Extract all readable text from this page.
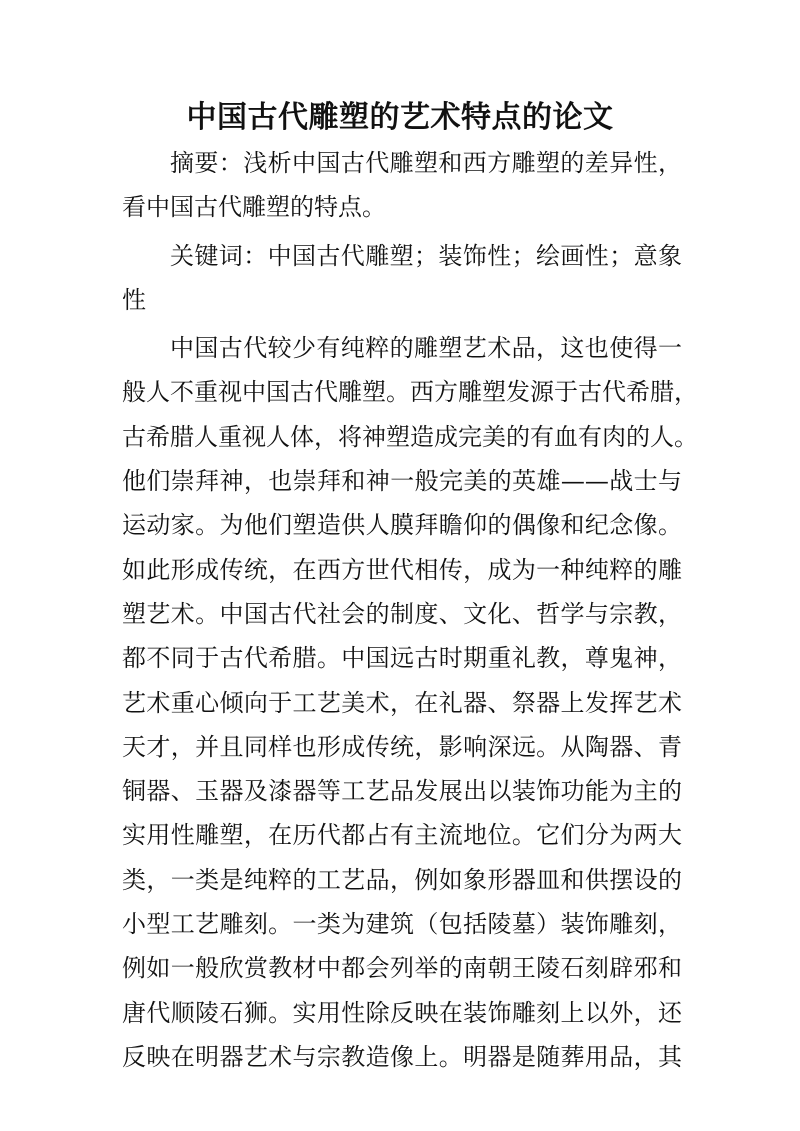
中国古代雕塑的艺术特点的论文
摘要：浅析中国古代雕塑和西方雕塑的差异性，
看中国古代雕塑的特点。
关键词：中国古代雕塑；装饰性；绘画性；意象
性
中国古代较少有纯粹的雕塑艺术品，这也使得一
般人不重视中国古代雕塑。西方雕塑发源于古代希腊，
古希腊人重视人体，将神塑造成完美的有血有肉的人。
他们崇拜神，也崇拜和神一般完美的英雄——战士与
运动家。为他们塑造供人膜拜瞻仰的偶像和纪念像。
如此形成传统，在西方世代相传，成为一种纯粹的雕
塑艺术。中国古代社会的制度、文化、哲学与宗教，
都不同于古代希腊。中国远古时期重礼教，尊鬼神，
艺术重心倾向于工艺美术，在礼器、祭器上发挥艺术
天才，并且同样也形成传统，影响深远。从陶器、青
铜器、玉器及漆器等工艺品发展出以装饰功能为主的
实用性雕塑，在历代都占有主流地位。它们分为两大
类，一类是纯粹的工艺品，例如象形器皿和供摆设的
小型工艺雕刻。一类为建筑（包括陵墓）装饰雕刻，
例如一般欣赏教材中都会列举的南朝王陵石刻辟邪和
唐代顺陵石狮。实用性除反映在装饰雕刻上以外，还
反映在明器艺术与宗教造像上。明器是随葬用品，其
